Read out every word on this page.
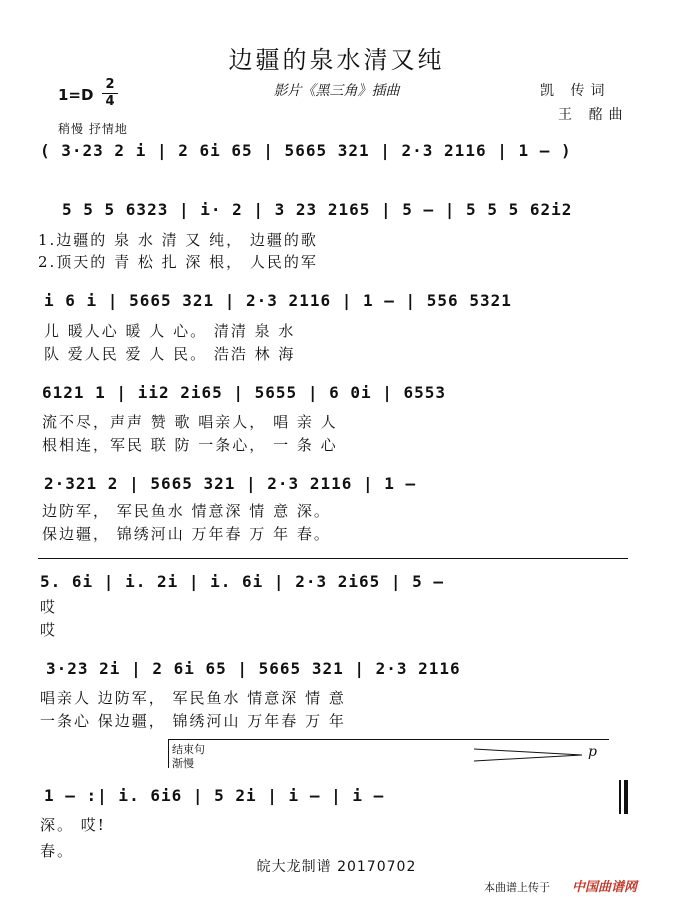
边疆的泉水清又纯
影片《黑三角》插曲
1=D
2
4
凯 传词
王 酩曲
稍慢 抒情地
( 3·23 2 i | 2 6i 65 | 5665 321 | 2·3 2116 | 1 – )
5 5 5 6323 | i· 2 | 3 23 2165 | 5 – | 5 5 5 62i2
1.边疆的 泉 水 清 又 纯， 边疆的歌
2.顶天的 青 松 扎 深 根， 人民的军
i 6 i | 5665 321 | 2·3 2116 | 1 – | 556 5321
儿 暖人心 暖 人 心。 清清 泉 水
队 爱人民 爱 人 民。 浩浩 林 海
6121 1 | ii2 2i65 | 5655 | 6 0i | 6553
流不尽，声声 赞 歌 唱亲人， 唱 亲 人
根相连，军民 联 防 一条心， 一 条 心
2·321 2 | 5665 321 | 2·3 2116 | 1 –
边防军， 军民鱼水 情意深 情 意 深。
保边疆， 锦绣河山 万年春 万 年 春。
5. 6i | i. 2i | i. 6i | 2·3 2i65 | 5 –
哎
哎
3·23 2i | 2 6i 65 | 5665 321 | 2·3 2116
唱亲人 边防军， 军民鱼水 情意深 情 意
一条心 保边疆， 锦绣河山 万年春 万 年
结束句
渐慢
p
1 – :| i. 6i6 | 5 2i | i – | i –
深。 哎!
春。
皖大龙制谱 20170702
本曲谱上传于 中国曲谱网
